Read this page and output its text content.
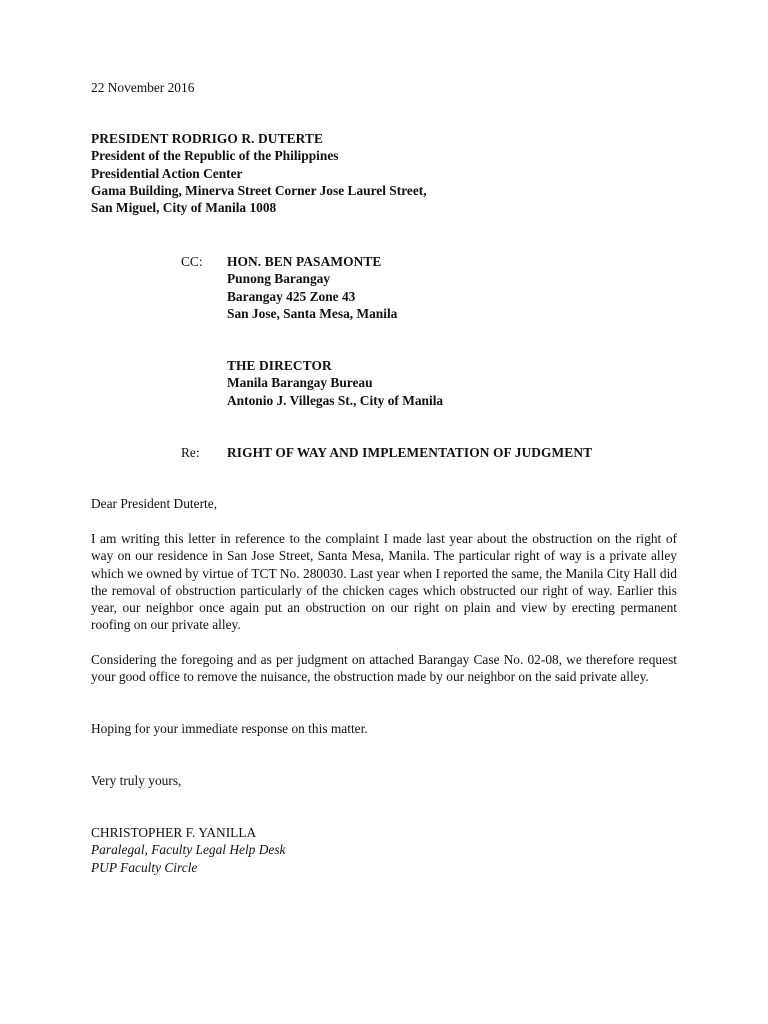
22 November 2016
PRESIDENT RODRIGO R. DUTERTE
President of the Republic of the Philippines
Presidential Action Center
Gama Building, Minerva Street Corner Jose Laurel Street,
San Miguel, City of Manila 1008
CC: HON. BEN PASAMONTE
Punong Barangay
Barangay 425 Zone 43
San Jose, Santa Mesa, Manila
THE DIRECTOR
Manila Barangay Bureau
Antonio J. Villegas St., City of Manila
Re: RIGHT OF WAY AND IMPLEMENTATION OF JUDGMENT
Dear President Duterte,

I am writing this letter in reference to the complaint I made last year about the obstruction on the right of way on our residence in San Jose Street, Santa Mesa, Manila. The particular right of way is a private alley which we owned by virtue of TCT No. 280030. Last year when I reported the same, the Manila City Hall did the removal of obstruction particularly of the chicken cages which obstructed our right of way. Earlier this year, our neighbor once again put an obstruction on our right on plain and view by erecting permanent roofing on our private alley.

Considering the foregoing and as per judgment on attached Barangay Case No. 02-08, we therefore request your good office to remove the nuisance, the obstruction made by our neighbor on the said private alley.

Hoping for your immediate response on this matter.

Very truly yours,
CHRISTOPHER F. YANILLA
Paralegal, Faculty Legal Help Desk
PUP Faculty Circle
